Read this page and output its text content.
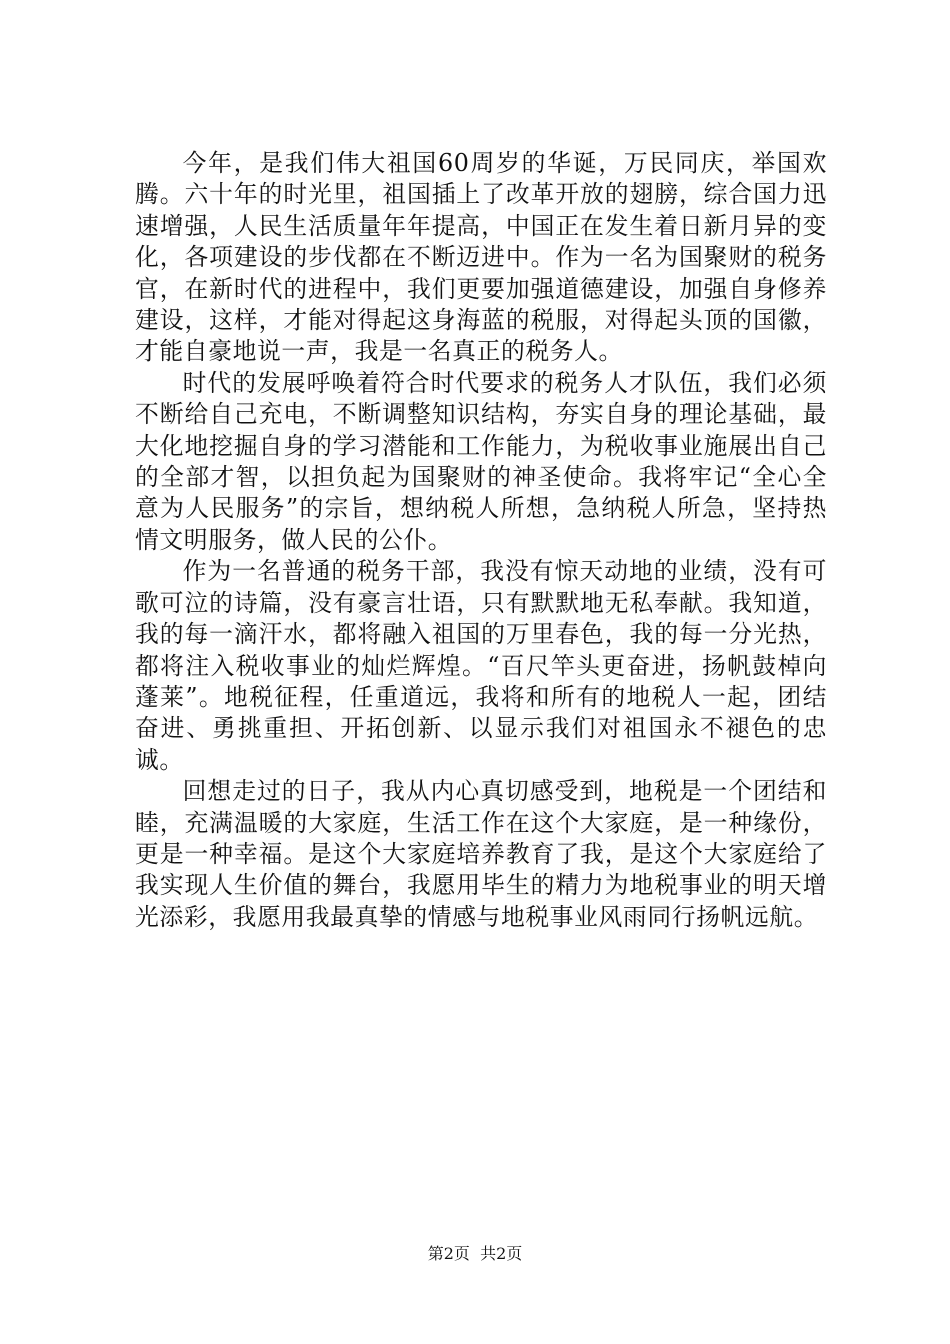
今年，是我们伟大祖国60周岁的华诞，万民同庆，举国欢腾。六十年的时光里，祖国插上了改革开放的翅膀，综合国力迅速增强，人民生活质量年年提高，中国正在发生着日新月异的变化，各项建设的步伐都在不断迈进中。作为一名为国聚财的税务官，在新时代的进程中，我们更要加强道德建设，加强自身修养建设，这样，才能对得起这身海蓝的税服，对得起头顶的国徽，才能自豪地说一声，我是一名真正的税务人。

时代的发展呼唤着符合时代要求的税务人才队伍，我们必须不断给自己充电，不断调整知识结构，夯实自身的理论基础，最大化地挖掘自身的学习潜能和工作能力，为税收事业施展出自己的全部才智，以担负起为国聚财的神圣使命。我将牢记“全心全意为人民服务”的宗旨，想纳税人所想，急纳税人所急，坚持热情文明服务，做人民的公仆。

作为一名普通的税务干部，我没有惊天动地的业绩，没有可歌可泣的诗篇，没有豪言壮语，只有默默地无私奉献。我知道，我的每一滴汗水，都将融入祖国的万里春色，我的每一分光热，都将注入税收事业的灿烂辉煌。“百尺竿头更奋进，扬帆鼓棹向蓬莱”。地税征程，任重道远，我将和所有的地税人一起，团结奋进、勇挑重担、开拓创新、以显示我们对祖国永不褪色的忠诚。

回想走过的日子，我从内心真切感受到，地税是一个团结和睦，充满温暖的大家庭，生活工作在这个大家庭，是一种缘份，更是一种幸福。是这个大家庭培养教育了我，是这个大家庭给了我实现人生价值的舞台，我愿用毕生的精力为地税事业的明天增光添彩，我愿用我最真挚的情感与地税事业风雨同行扬帆远航。

第2页  共2页
